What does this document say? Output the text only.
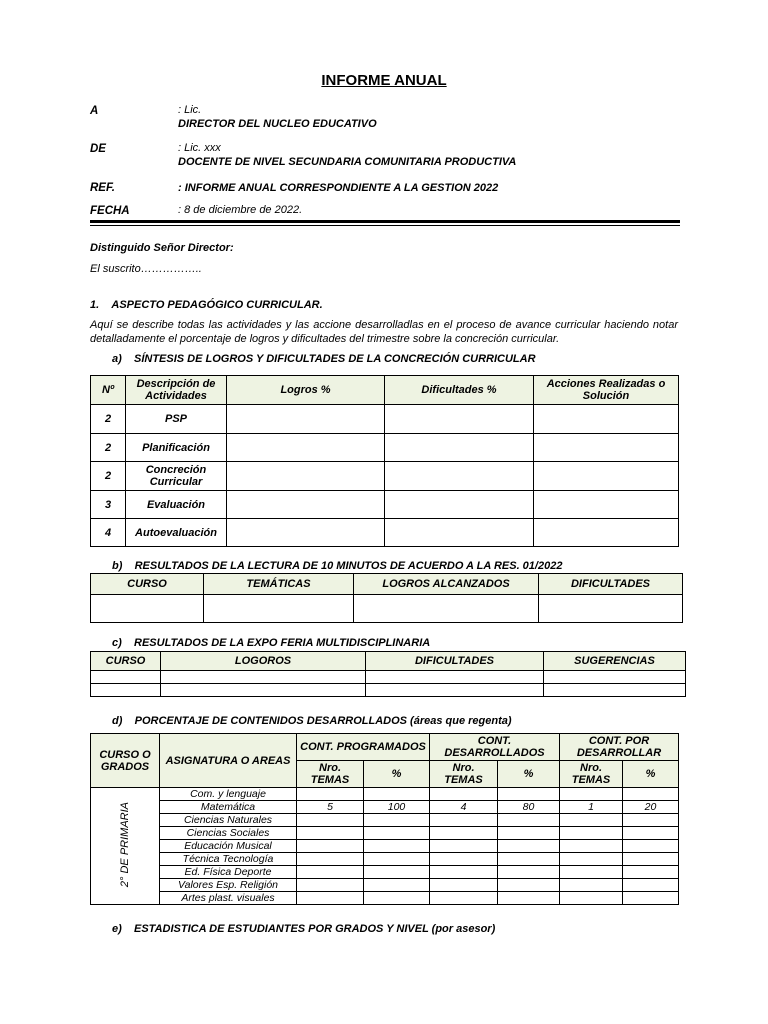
INFORME ANUAL
A	: Lic.
DIRECTOR DEL NUCLEO EDUCATIVO
DE	: Lic. xxx
DOCENTE DE NIVEL SECUNDARIA COMUNITARIA PRODUCTIVA
REF.	: INFORME ANUAL CORRESPONDIENTE A LA GESTION 2022
FECHA	: 8 de diciembre de 2022.
Distinguido Señor Director:
El suscrito……………..
1.    ASPECTO PEDAGÓGICO CURRICULAR.
Aquí se describe todas las actividades y las accione desarrolladlas en el proceso de avance curricular haciendo notar detalladamente el porcentaje de logros y dificultades del trimestre sobre la concreción curricular.
a)    SÍNTESIS DE LOGROS Y DIFICULTADES DE LA CONCRECIÓN CURRICULAR
Nº	Descripción de Actividades	Logros %	Dificultades %	Acciones Realizadas o Solución
2	PSP			
2	Planificación			
2	Concreción Curricular			
3	Evaluación			
4	Autoevaluación			
b)    RESULTADOS DE LA LECTURA DE 10 MINUTOS DE ACUERDO A LA RES. 01/2022
CURSO	TEMÁTICAS	LOGROS ALCANZADOS	DIFICULTADES

c)    RESULTADOS DE LA EXPO FERIA MULTIDISCIPLINARIA
CURSO	LOGOROS	DIFICULTADES	SUGERENCIAS

d)    PORCENTAJE DE CONTENIDOS DESARROLLADOS (áreas que regenta)
CURSO O GRADOS	ASIGNATURA O AREAS	CONT. PROGRAMADOS		CONT. DESARROLLADOS		CONT. POR DESARROLLAR	
		Nro. TEMAS	%	Nro. TEMAS	%	Nro. TEMAS	%
2° DE PRIMARIA	Com. y lenguaje						
	Matemática	5	100	4	80	1	20
	Ciencias Naturales						
	Ciencias Sociales						
	Educación Musical						
	Técnica Tecnología						
	Ed. Física Deporte						
	Valores Esp. Religión						
	Artes plast. visuales						
e)    ESTADISTICA DE ESTUDIANTES POR GRADOS Y NIVEL (por asesor)
